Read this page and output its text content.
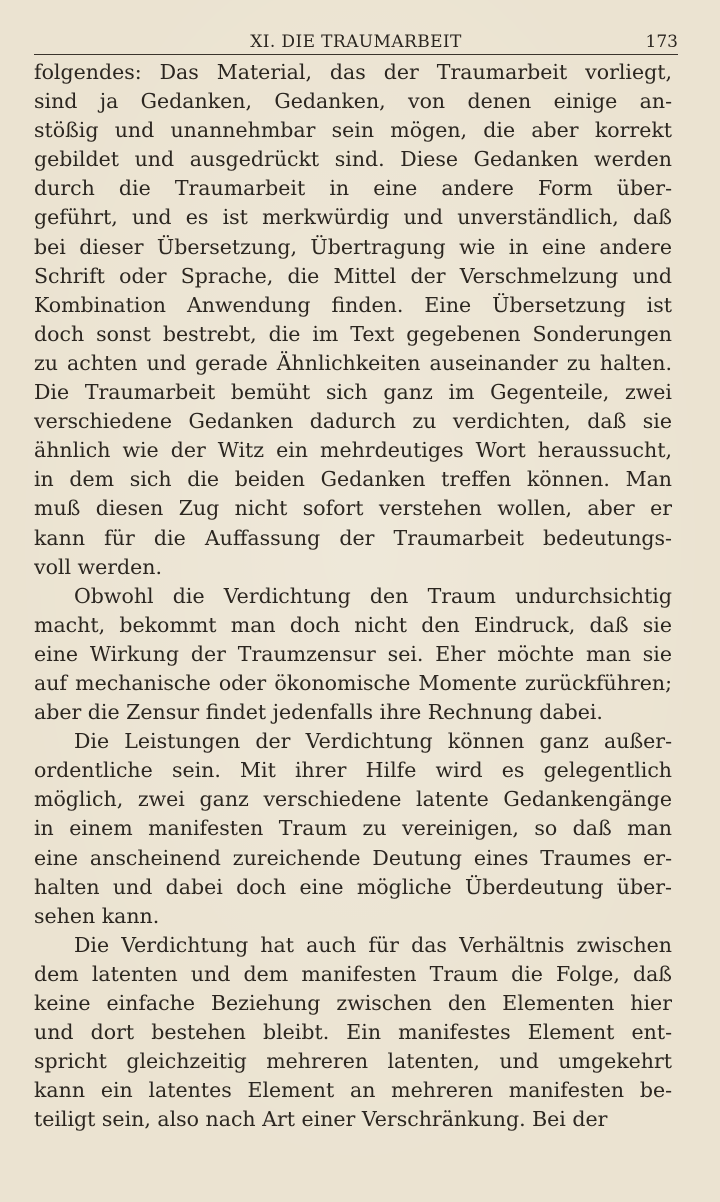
XI. DIE TRAUMARBEIT	173
folgendes: Das Material, das der Traumarbeit vorliegt,
sind ja Gedanken, Gedanken, von denen einige an-
stößig und unannehmbar sein mögen, die aber korrekt
gebildet und ausgedrückt sind. Diese Gedanken werden
durch die Traumarbeit in eine andere Form über-
geführt, und es ist merkwürdig und unverständlich, daß
bei dieser Übersetzung, Übertragung wie in eine andere
Schrift oder Sprache, die Mittel der Verschmelzung und
Kombination Anwendung finden. Eine Übersetzung ist
doch sonst bestrebt, die im Text gegebenen Sonderungen
zu achten und gerade Ähnlichkeiten auseinander zu halten.
Die Traumarbeit bemüht sich ganz im Gegenteile, zwei
verschiedene Gedanken dadurch zu verdichten, daß sie
ähnlich wie der Witz ein mehrdeutiges Wort heraussucht,
in dem sich die beiden Gedanken treffen können. Man
muß diesen Zug nicht sofort verstehen wollen, aber er
kann für die Auffassung der Traumarbeit bedeutungs-
voll werden.
Obwohl die Verdichtung den Traum undurchsichtig
macht, bekommt man doch nicht den Eindruck, daß sie
eine Wirkung der Traumzensur sei. Eher möchte man sie
auf mechanische oder ökonomische Momente zurückführen;
aber die Zensur findet jedenfalls ihre Rechnung dabei.
Die Leistungen der Verdichtung können ganz außer-
ordentliche sein. Mit ihrer Hilfe wird es gelegentlich
möglich, zwei ganz verschiedene latente Gedankengänge
in einem manifesten Traum zu vereinigen, so daß man
eine anscheinend zureichende Deutung eines Traumes er-
halten und dabei doch eine mögliche Überdeutung über-
sehen kann.
Die Verdichtung hat auch für das Verhältnis zwischen
dem latenten und dem manifesten Traum die Folge, daß
keine einfache Beziehung zwischen den Elementen hier
und dort bestehen bleibt. Ein manifestes Element ent-
spricht gleichzeitig mehreren latenten, und umgekehrt
kann ein latentes Element an mehreren manifesten be-
teiligt sein, also nach Art einer Verschränkung. Bei der
